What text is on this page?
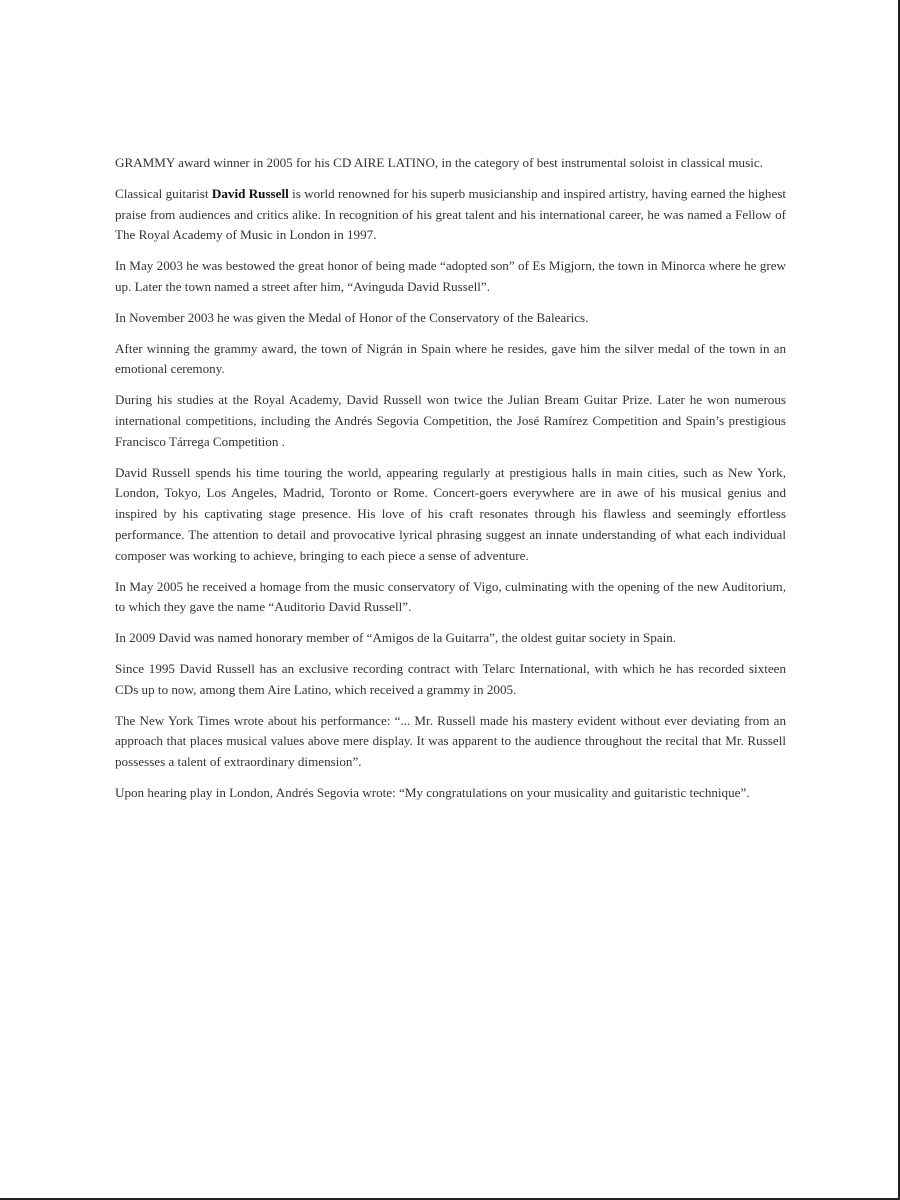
GRAMMY award winner in 2005 for his CD AIRE LATINO, in the category of best instrumental soloist in classical music.

Classical guitarist David Russell is world renowned for his superb musicianship and inspired artistry, having earned the highest praise from audiences and critics alike. In recognition of his great talent and his international career, he was named a Fellow of The Royal Academy of Music in London in 1997.

In May 2003 he was bestowed the great honor of being made “adopted son” of Es Migjorn, the town in Minorca where he grew up. Later the town named a street after him, “Avinguda David Russell”.

In November 2003 he was given the Medal of Honor of the Conservatory of the Balearics.

After winning the grammy award, the town of Nigrán in Spain where he resides, gave him the silver medal of the town in an emotional ceremony.

During his studies at the Royal Academy, David Russell won twice the Julian Bream Guitar Prize. Later he won numerous international competitions, including the Andrés Segovia Competition, the José Ramírez Competition and Spain’s prestigious Francisco Tárrega Competition .

David Russell spends his time touring the world, appearing regularly at prestigious halls in main cities, such as New York, London, Tokyo, Los Angeles, Madrid, Toronto or Rome. Concert-goers everywhere are in awe of his musical genius and inspired by his captivating stage presence. His love of his craft resonates through his flawless and seemingly effortless performance. The attention to detail and provocative lyrical phrasing suggest an innate understanding of what each individual composer was working to achieve, bringing to each piece a sense of adventure.

In May 2005 he received a homage from the music conservatory of Vigo, culminating with the opening of the new Auditorium, to which they gave the name “Auditorio David Russell”.

In 2009 David was named honorary member of “Amigos de la Guitarra”, the oldest guitar society in Spain.

Since 1995 David Russell has an exclusive recording contract with Telarc International, with which he has recorded sixteen CDs up to now, among them Aire Latino, which received a grammy in 2005.

The New York Times wrote about his performance: “... Mr. Russell made his mastery evident without ever deviating from an approach that places musical values above mere display. It was apparent to the audience throughout the recital that Mr. Russell possesses a talent of extraordinary dimension”.

Upon hearing play in London, Andrés Segovia wrote: “My congratulations on your musicality and guitaristic technique”.
